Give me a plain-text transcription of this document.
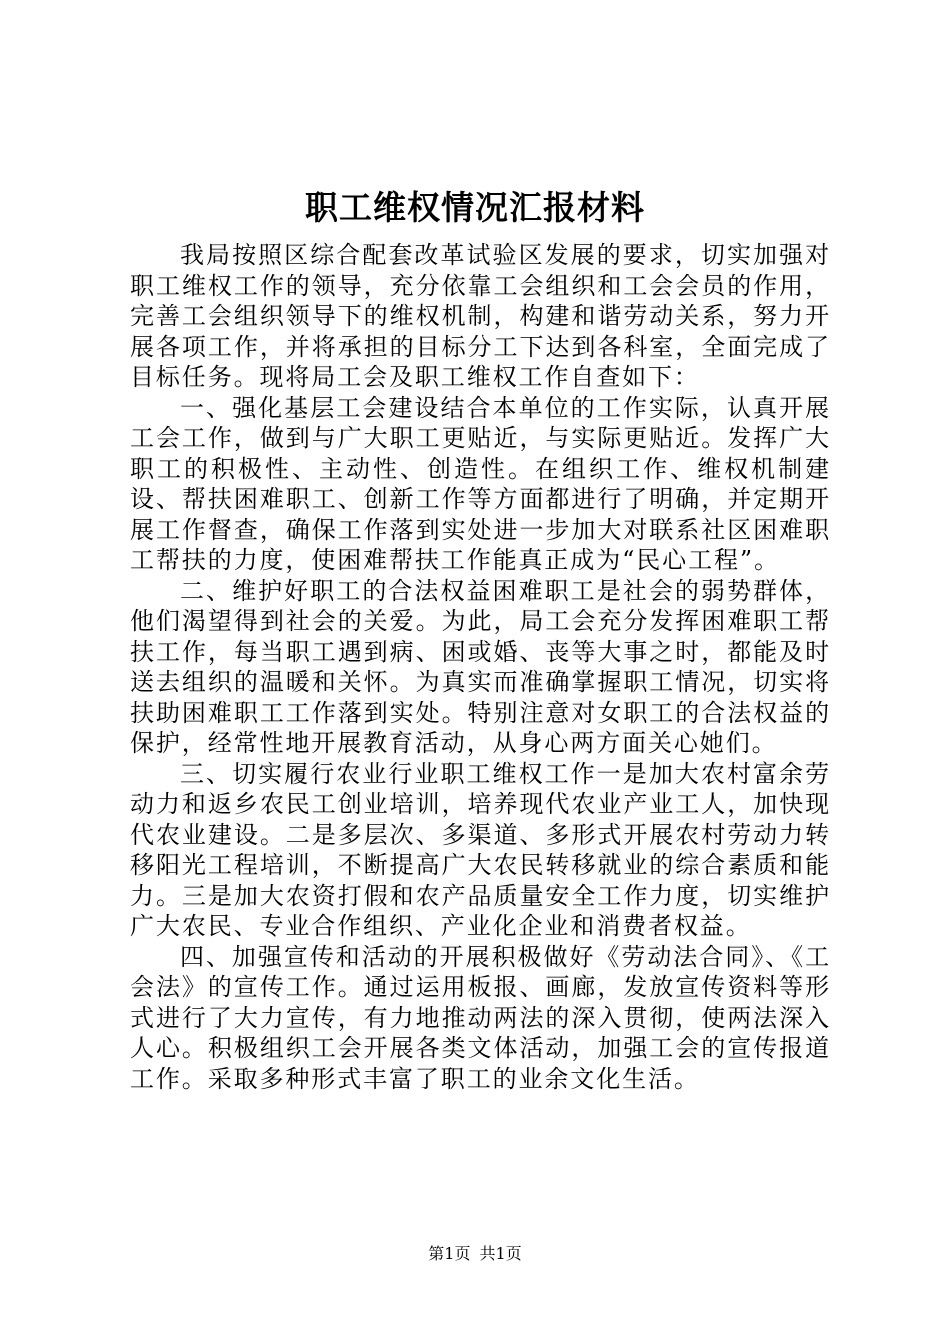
职工维权情况汇报材料

我局按照区综合配套改革试验区发展的要求，切实加强对职工维权工作的领导，充分依靠工会组织和工会会员的作用，完善工会组织领导下的维权机制，构建和谐劳动关系，努力开展各项工作，并将承担的目标分工下达到各科室，全面完成了目标任务。现将局工会及职工维权工作自查如下：

一、强化基层工会建设结合本单位的工作实际，认真开展工会工作，做到与广大职工更贴近，与实际更贴近。发挥广大职工的积极性、主动性、创造性。在组织工作、维权机制建设、帮扶困难职工、创新工作等方面都进行了明确，并定期开展工作督查，确保工作落到实处进一步加大对联系社区困难职工帮扶的力度，使困难帮扶工作能真正成为“民心工程”。

二、维护好职工的合法权益困难职工是社会的弱势群体，他们渴望得到社会的关爱。为此，局工会充分发挥困难职工帮扶工作，每当职工遇到病、困或婚、丧等大事之时，都能及时送去组织的温暖和关怀。为真实而准确掌握职工情况，切实将扶助困难职工工作落到实处。特别注意对女职工的合法权益的保护，经常性地开展教育活动，从身心两方面关心她们。

三、切实履行农业行业职工维权工作一是加大农村富余劳动力和返乡农民工创业培训，培养现代农业产业工人，加快现代农业建设。二是多层次、多渠道、多形式开展农村劳动力转移阳光工程培训，不断提高广大农民转移就业的综合素质和能力。三是加大农资打假和农产品质量安全工作力度，切实维护广大农民、专业合作组织、产业化企业和消费者权益。

四、加强宣传和活动的开展积极做好《劳动法合同》、《工会法》的宣传工作。通过运用板报、画廊，发放宣传资料等形式进行了大力宣传，有力地推动两法的深入贯彻，使两法深入人心。积极组织工会开展各类文体活动，加强工会的宣传报道工作。采取多种形式丰富了职工的业余文化生活。

第1页 共1页
